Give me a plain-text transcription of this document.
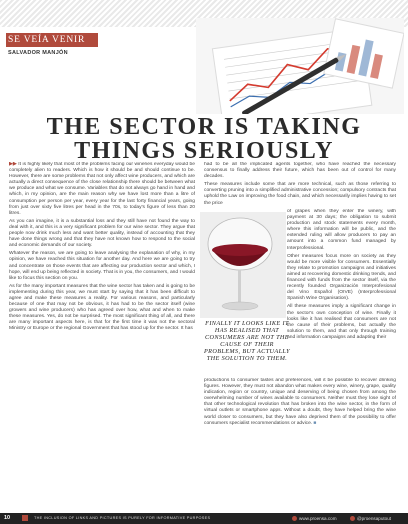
SE VEÍA VENIR
SALVADOR MANJÓN
THE SECTOR IS TAKING
THINGS SERIOUSLY

▶▶ It is highly likely that most of the problems facing our wineries everyday would be completely alien to readers. Which is how it should be and should continue to be. However, there are some problems that not only affect wine producers, and which are actually a direct consequence of the close relationship there should be between what we produce and what we consume. Variables that do not always go hand in hand and which, in my opinion, are the main reason why we have lost more than a litre of consumption per person per year, every year for the last forty financial years, going from just over sixty five litres per head in the 70s, to today's figure of less than 20 litres.

As you can imagine, it is a substantial loss and they still have not found the way to deal with it, and this is a very significant problem for our wine sector. They argue that people now drink much less and want better quality, instead of accounting that they have done things wrong and that they have not known how to respond to the social and economic demands of our society.

Whatever the reason, we are going to leave analysing the explanation of why, in my opinion, we have reached this situation for another day. And here we are going to try and concentrate on those events that are affecting our production sector and which, I hope, will end up being reflected in society. That is in you, the consumers, and I would like to focus this section on you.

As for the many important measures that the wine sector has taken and is going to be implementing during this year, we must start by saying that it has been difficult to agree and make these measures a reality. For various reasons, and particularly because of one that may not be obvious, it has had to be the sector itself (wine growers and wine producers) who has agreed over how, what and when to make these measures. Yes, do not be surprised. The most significant thing of all, and there are many important aspects here, is that for the first time it was not the sectoral Ministry or Europe or the regional Government that has stood up for the sector. It has

had to be all the implicated agents together, who have reached the necessary consensus to finally address their future, which has been out of control for many decades.

These measures include some that are more technical, such as those referring to converting pruning into a simplified administrative concession; compulsory contracts that uphold the Law on improving the food chain, and which necessarily implies having to set the price

of grapes when they enter the winery, with payment at 30 days; the obligation to submit production and stock statements every month, where this information will be public, and the extended ruling will allow producers to pay an amount into a common fund managed by Interprofessional.

Other measures focus more on society as they would be more visible for consumers. Essentially they relate to promotion campaigns and initiatives aimed at recovering domestic drinking trends, and financed with funds from the sector itself, via the recently founded Organización Interprofesional del Vino Español (OIVE) (Interprofessional Spanish Wine Organisation).

All these measures imply a significant change in the sector's own conception of wine. Finally it looks like it has realised that consumers are not the cause of their problems, but actually the solution to them, and that only through training and information campaigns and adapting their

FINALLY IT LOOKS LIKE IT HAS REALISED THAT CONSUMERS ARE NOT THE CAUSE OF THEIR PROBLEMS, BUT ACTUALLY THE SOLUTION TO THEM.

productions to consumer tastes and preferences, will it be possible to recover drinking figures. However, they must not abandon what makes every wine, winery, grape, quality indication, region or country, unique and deserving of being chosen from among the overwhelming number of wines available to consumers. Neither must they lose sight of that other technological revolution that has broken into the wine sector, in the form of virtual outlets or smartphone apps. Without a doubt, they have helped bring the wine world closer to consumers, but they have also deprived them of the possibility to offer consumers specialist recommendations or advice. ■

10	THE INCLUSION OF LINKS AND PICTURES IS PURELY FOR INFORMATIVE PURPOSES	www.proensa.com	@proensaputout
